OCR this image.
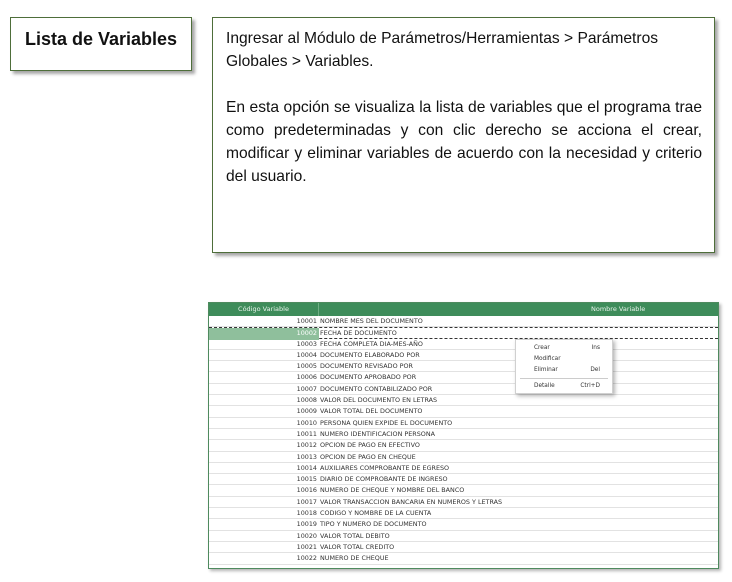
Lista de Variables	Ingresar al Módulo de Parámetros/Herramientas > Parámetros Globales > Variables.

En esta opción se visualiza la lista de variables que el programa trae como predeterminadas y con clic derecho se acciona el crear, modificar y eliminar variables de acuerdo con la necesidad y criterio del usuario.

Código Variable	Nombre Variable
10001 NOMBRE MES DEL DOCUMENTO
10002 FECHA DE DOCUMENTO
10003 FECHA COMPLETA DIA-MES-AÑO
10004 DOCUMENTO ELABORADO POR
10005 DOCUMENTO REVISADO POR
10006 DOCUMENTO APROBADO POR
10007 DOCUMENTO CONTABILIZADO POR
10008 VALOR DEL DOCUMENTO EN LETRAS
10009 VALOR TOTAL DEL DOCUMENTO
10010 PERSONA QUIEN EXPIDE EL DOCUMENTO
10011 NUMERO IDENTIFICACION PERSONA
10012 OPCION DE PAGO EN EFECTIVO
10013 OPCION DE PAGO EN CHEQUE
10014 AUXILIARES COMPROBANTE DE EGRESO
10015 DIARIO DE COMPROBANTE DE INGRESO
10016 NUMERO DE CHEQUE Y NOMBRE DEL BANCO
10017 VALOR TRANSACCION BANCARIA EN NUMEROS Y LETRAS
10018 CODIGO Y NOMBRE DE LA CUENTA
10019 TIPO Y NUMERO DE DOCUMENTO
10020 VALOR TOTAL DEBITO
10021 VALOR TOTAL CREDITO
10022 NUMERO DE CHEQUE
Crear	Ins
Modificar
Eliminar	Del
Detalle	Ctrl+D
